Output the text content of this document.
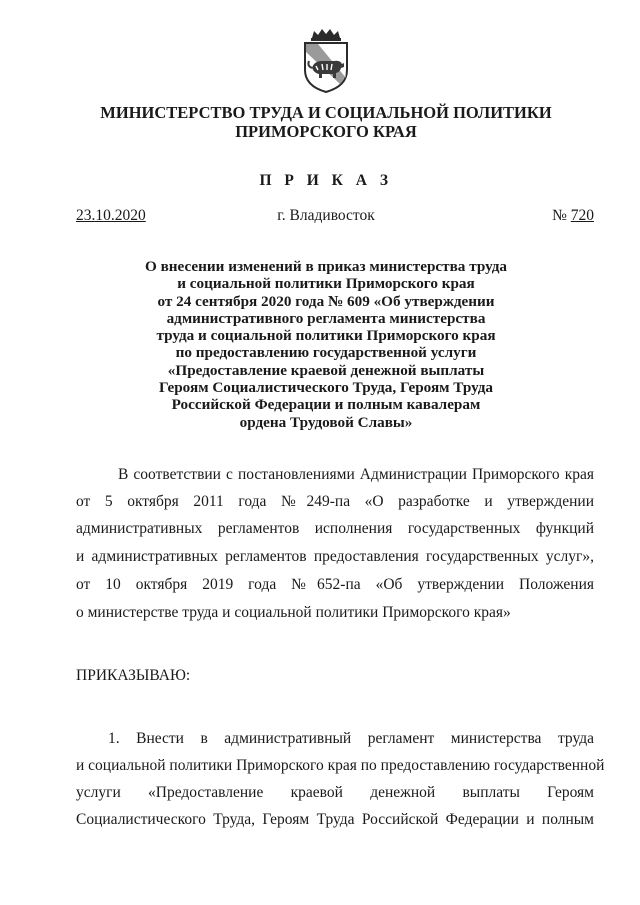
МИНИСТЕРСТВО ТРУДА И СОЦИАЛЬНОЙ ПОЛИТИКИ
ПРИМОРСКОГО КРАЯ
П Р И К А З
23.10.2020	г. Владивосток	№ 720
О внесении изменений в приказ министерства труда
и социальной политики Приморского края
от 24 сентября 2020 года № 609 «Об утверждении
административного регламента министерства
труда и социальной политики Приморского края
по предоставлению государственной услуги
«Предоставление краевой денежной выплаты
Героям Социалистического Труда, Героям Труда
Российской Федерации и полным кавалерам
ордена Трудовой Славы»
В соответствии с постановлениями Администрации Приморского края
от 5 октября 2011 года №249-па «О разработке и утверждении
административных регламентов исполнения государственных функций
и административных регламентов предоставления государственных услуг»,
от 10 октября 2019 года №652-па «Об утверждении Положения
о министерстве труда и социальной политики Приморского края»
ПРИКАЗЫВАЮ:
1. Внести в административный регламент министерства труда
и социальной политики Приморского края по предоставлению государственной
услуги «Предоставление краевой денежной выплаты Героям
Социалистического Труда, Героям Труда Российской Федерации и полным
